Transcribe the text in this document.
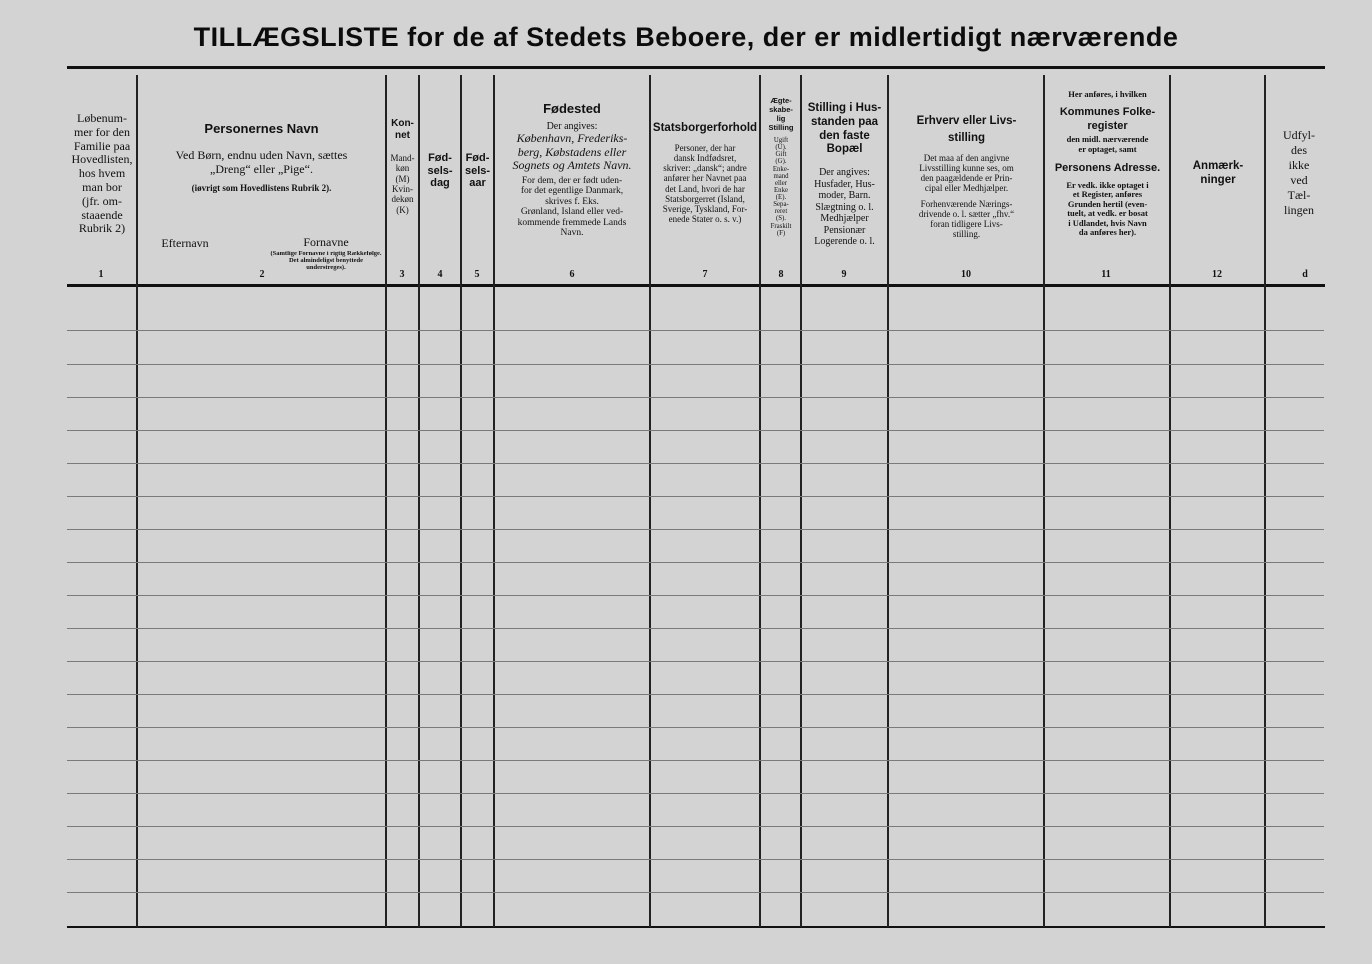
TILLÆGSLISTE for de af Stedets Beboere, der er midlertidigt nærværende
Løbenum-
mer for den
Familie paa
Hovedlisten,
hos hvem
man bor
(jfr. om-
staaende
Rubrik 2)
1
Personernes Navn
Ved Børn, endnu uden Navn, sættes
„Dreng“ eller „Pige“.
(iøvrigt som Hovedlistens Rubrik 2).
Efternavn	Fornavne
(Samtlige Fornavne i rigtig Rækkefølge. Det almindeligst benyttede understreges).
2
Kon-
net
Mand-
køn
(M)
Kvin-
dekøn
(K)
3
Fød-
sels-
dag
4
Fød-
sels-
aar
5
Fødested
Der angives:
København, Frederiks-
berg, Købstadens eller
Sognets og Amtets Navn.
For dem, der er født uden-
for det egentlige Danmark,
skrives f. Eks.
Grønland, Island eller ved-
kommende fremmede Lands
Navn.
6
Statsborgerforhold
Personer, der har
dansk Indfødsret,
skriver: „dansk“; andre
anfører her Navnet paa
det Land, hvori de har
Statsborgerret (Island,
Sverige, Tyskland, For-
enede Stater o. s. v.)
7
Ægte-
skabe-
lig
Stilling
Ugift
(U).
Gift
(G).
Enke-
mand
eller
Enke
(E).
Sepa-
reret
(S).
Fraskilt
(F)
8
Stilling i Hus-
standen paa
den faste
Bopæl
Der angives:
Husfader, Hus-
moder, Barn.
Slægtning o. l.
Medhjælper
Pensionær
Logerende o. l.
9
Erhverv eller Livs-
stilling
Det maa af den angivne
Livsstilling kunne ses, om
den paagældende er Prin-
cipal eller Medhjælper.
Forhenværende Nærings-
drivende o. l. sætter „fhv.“
foran tidligere Livs-
stilling.
10
Her anføres, i hvilken
Kommunes Folke-
register
den midl. nærværende
er optaget, samt
Personens Adresse.
Er vedk. ikke optaget i
et Register, anføres
Grunden hertil (even-
tuelt, at vedk. er bosat
i Udlandet, hvis Navn
da anføres her).
11
Anmærk-
ninger
12
Udfyl-
des
ikke
ved
Tæl-
lingen
d
